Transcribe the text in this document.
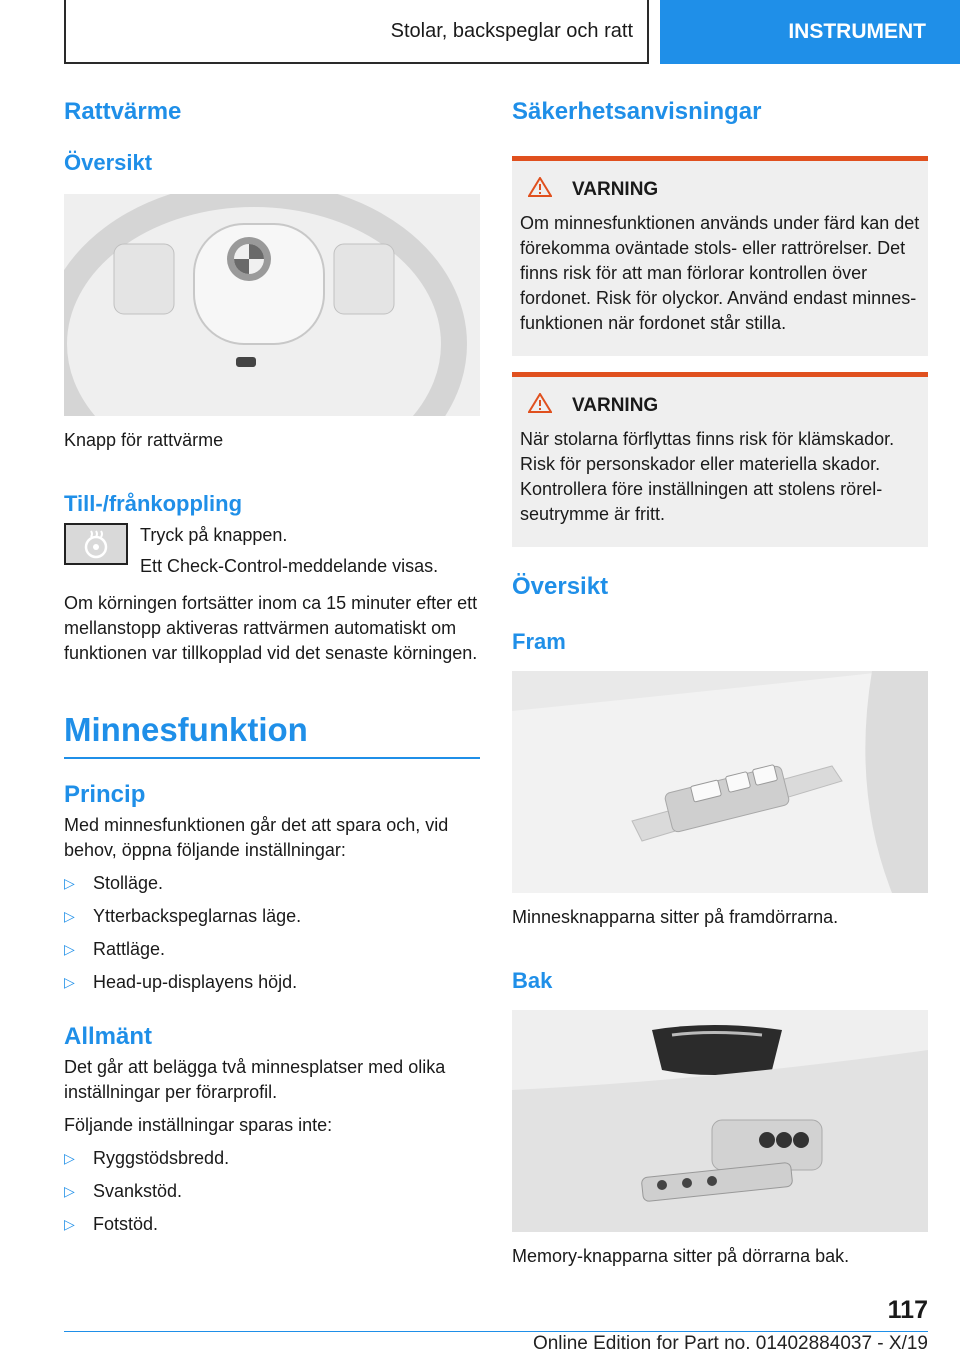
Stolar, backspeglar och ratt	INSTRUMENT
Rattvärme
Översikt
Knapp för rattvärme
Till-/frånkoppling
Tryck på knappen.
Ett Check-Control-meddelande visas.
Om körningen fortsätter inom ca 15 minuter efter ett mellanstopp aktiveras rattvärmen automatiskt om funktionen var tillkopplad vid det senaste körningen.
Minnesfunktion
Princip
Med minnesfunktionen går det att spara och, vid behov, öppna följande inställningar:
▷	Stolläge.
▷	Ytterbackspeglarnas läge.
▷	Rattläge.
▷	Head-up-displayens höjd.
Allmänt
Det går att belägga två minnesplatser med olika inställningar per förarprofil.
Följande inställningar sparas inte:
▷	Ryggstödsbredd.
▷	Svankstöd.
▷	Fotstöd.
Säkerhetsanvisningar
VARNING
Om minnesfunktionen används under färd kan det förekomma oväntade stols- eller rattrörelser. Det finns risk för att man förlorar kontrollen över fordonet. Risk för olyckor. Använd endast minnes-funktionen när fordonet står stilla.
VARNING
När stolarna förflyttas finns risk för klämskador. Risk för personskador eller materiella skador. Kontrollera före inställningen att stolens rörelseutrymme är fritt.
Översikt
Fram
Minnesknapparna sitter på framdörrarna.
Bak
Memory-knapparna sitter på dörrarna bak.
117
Online Edition for Part no. 01402884037 - X/19
